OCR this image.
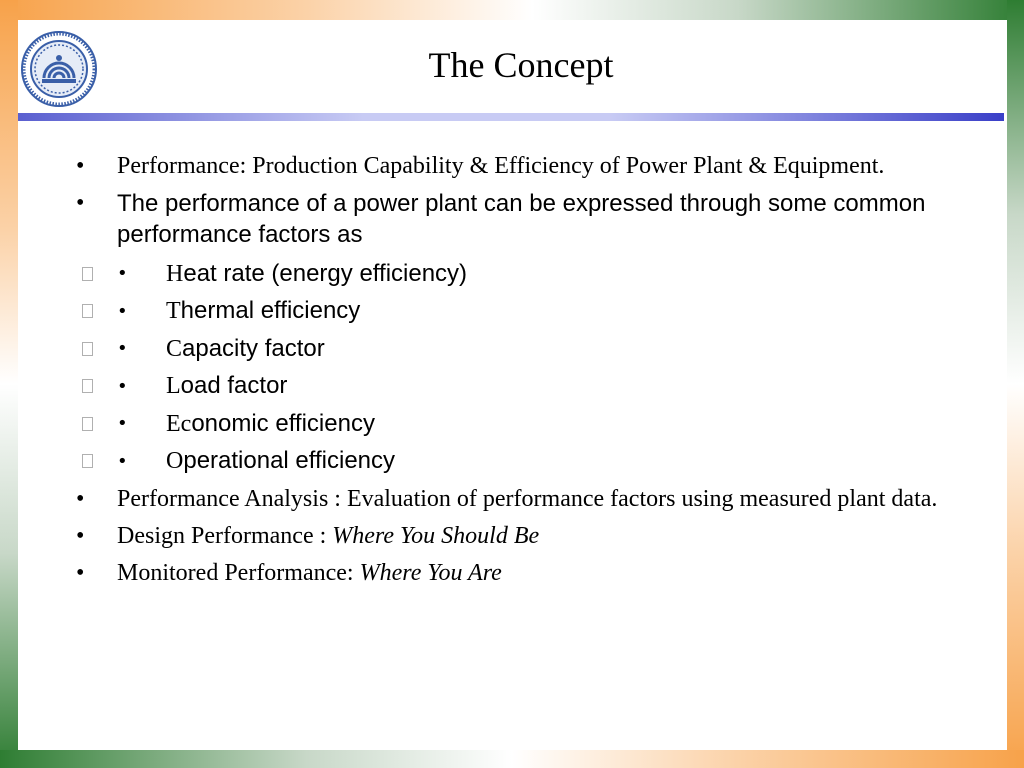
The Concept
•	Performance: Production Capability & Efficiency of Power Plant & Equipment.
•	The performance of a power plant can be expressed through some common performance factors as
•	Heat rate (energy efficiency)
•	Thermal efficiency
•	Capacity factor
•	Load factor
•	Economic efficiency
•	Operational efficiency
•	Performance Analysis : Evaluation of performance factors using measured plant data.
•	Design Performance : Where You Should Be
•	Monitored Performance: Where You Are
